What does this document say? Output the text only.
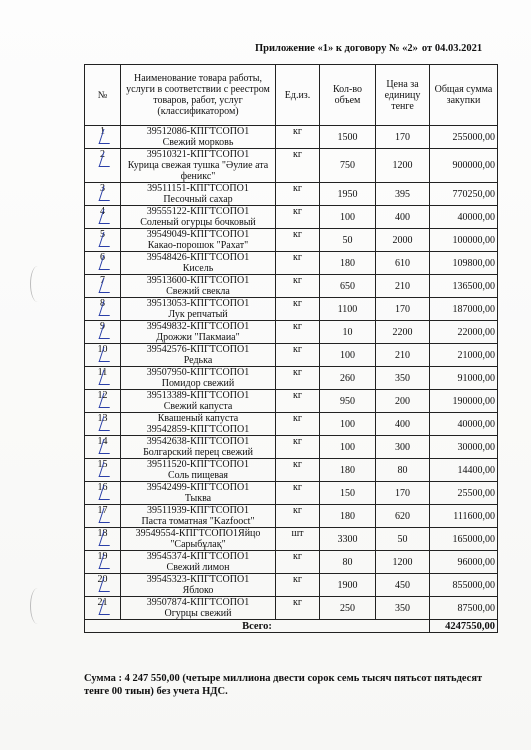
Приложение «1» к договору № «2» от 04.03.2021
№	Наименование товара работы, услуги в соответствии с реестром товаров, работ, услуг (классификатором)	Ед.из.	Кол-во объем	Цена за единицу тенге	Общая сумма закупки
1	39512086-КПГТСОПО1
Свежий морковь	кг	1500	170	255000,00
2	39510321-КПГТСОПО1
Курица свежая тушка "Әулие ата феникс"	кг	750	1200	900000,00
3	39511151-КПГТСОПО1
Песочный сахар	кг	1950	395	770250,00
4	39555122-КПГТСОПО1
Соленый огурцы бочковый	кг	100	400	40000,00
5	39549049-КПГТСОПО1
Какао-порошок "Рахат"	кг	50	2000	100000,00
6	39548426-КПГТСОПО1
Кисель	кг	180	610	109800,00
7	39513600-КПГТСОПО1
Свежий свекла	кг	650	210	136500,00
8	39513053-КПГТСОПО1
Лук репчатый	кг	1100	170	187000,00
9	39549832-КПГТСОПО1
Дрожжи "Пакмаиа"	кг	10	2200	22000,00
10	39542576-КПГТСОПО1
Редька	кг	100	210	21000,00
11	39507950-КПГТСОПО1
Помидор свежий	кг	260	350	91000,00
12	39513389-КПГТСОПО1
Свежий капуста	кг	950	200	190000,00
13	Квашеный капуста
39542859-КПГТСОПО1	кг	100	400	40000,00
14	39542638-КПГТСОПО1
Болгарский перец свежий	кг	100	300	30000,00
15	39511520-КПГТСОПО1
Соль пищевая	кг	180	80	14400,00
16	39542499-КПГТСОПО1
Тыква	кг	150	170	25500,00
17	39511939-КПГТСОПО1
Паста томатная "Kazfooct"	кг	180	620	111600,00
18	39549554-КПГТСОПО1Яйцо
"Сарыбұлақ"	шт	3300	50	165000,00
19	39545374-КПГТСОПО1
Свежий лимон	кг	80	1200	96000,00
20	39545323-КПГТСОПО1
Яблоко	кг	1900	450	855000,00
21	39507874-КПГТСОПО1
Огурцы свежий	кг	250	350	87500,00
Всего:					4247550,00
Сумма : 4 247 550,00 (четыре миллиона двести сорок семь тысяч пятьсот пятьдесят тенге 00 тиын) без учета НДС.
